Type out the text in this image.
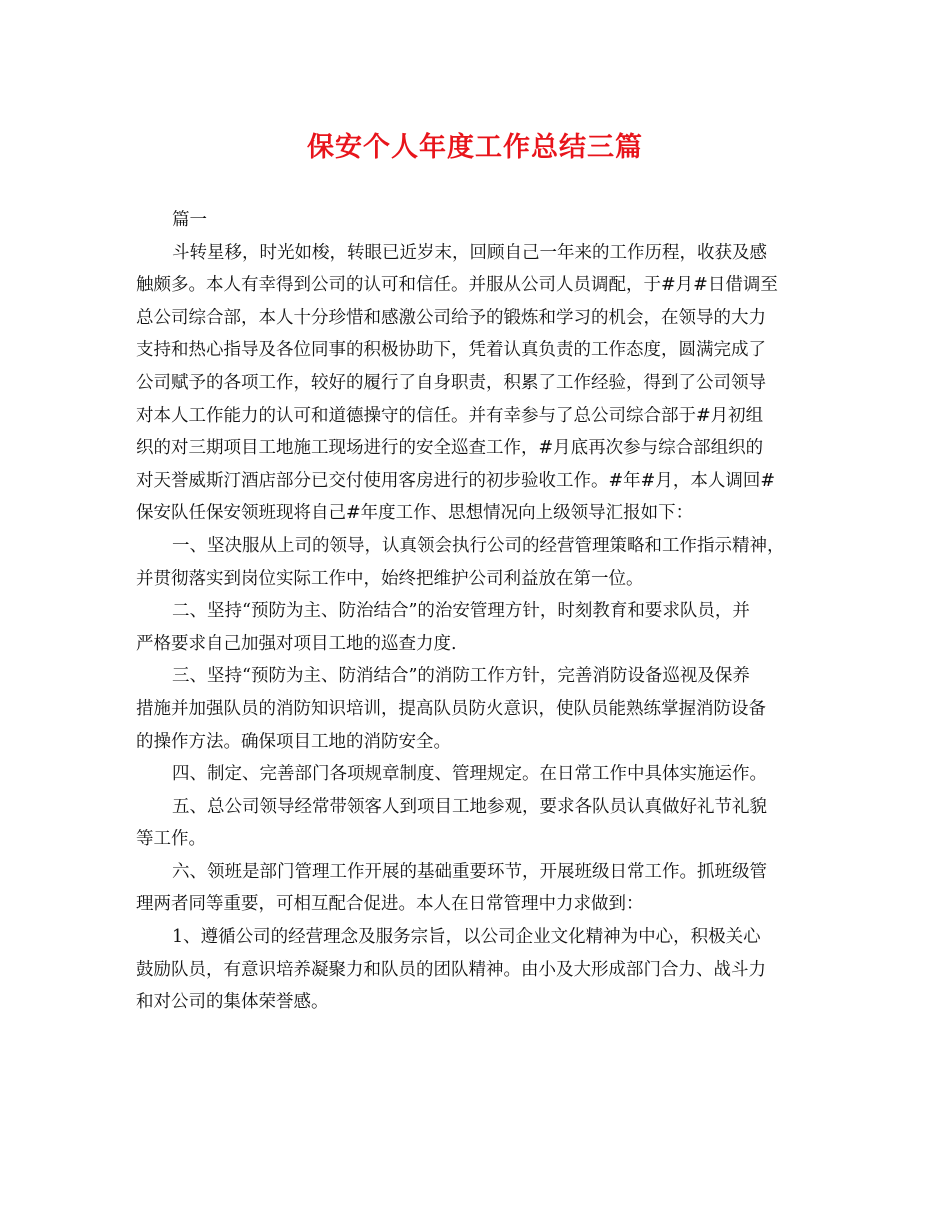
保安个人年度工作总结三篇
篇一
斗转星移，时光如梭，转眼已近岁末，回顾自己一年来的工作历程，收获及感
触颇多。本人有幸得到公司的认可和信任。并服从公司人员调配，于#月#日借调至
总公司综合部，本人十分珍惜和感激公司给予的锻炼和学习的机会，在领导的大力
支持和热心指导及各位同事的积极协助下，凭着认真负责的工作态度，圆满完成了
公司赋予的各项工作，较好的履行了自身职责，积累了工作经验，得到了公司领导
对本人工作能力的认可和道德操守的信任。并有幸参与了总公司综合部于#月初组
织的对三期项目工地施工现场进行的安全巡查工作，#月底再次参与综合部组织的
对天誉威斯汀酒店部分已交付使用客房进行的初步验收工作。#年#月，本人调回#
保安队任保安领班现将自己#年度工作、思想情况向上级领导汇报如下：
一、坚决服从上司的领导，认真领会执行公司的经营管理策略和工作指示精神，
并贯彻落实到岗位实际工作中，始终把维护公司利益放在第一位。
二、坚持“预防为主、防治结合”的治安管理方针，时刻教育和要求队员，并
严格要求自己加强对项目工地的巡查力度.
三、坚持“预防为主、防消结合”的消防工作方针，完善消防设备巡视及保养
措施并加强队员的消防知识培训，提高队员防火意识，使队员能熟练掌握消防设备
的操作方法。确保项目工地的消防安全。
四、制定、完善部门各项规章制度、管理规定。在日常工作中具体实施运作。
五、总公司领导经常带领客人到项目工地参观，要求各队员认真做好礼节礼貌
等工作。
六、领班是部门管理工作开展的基础重要环节，开展班级日常工作。抓班级管
理两者同等重要，可相互配合促进。本人在日常管理中力求做到：
1、遵循公司的经营理念及服务宗旨，以公司企业文化精神为中心，积极关心
鼓励队员，有意识培养凝聚力和队员的团队精神。由小及大形成部门合力、战斗力
和对公司的集体荣誉感。
